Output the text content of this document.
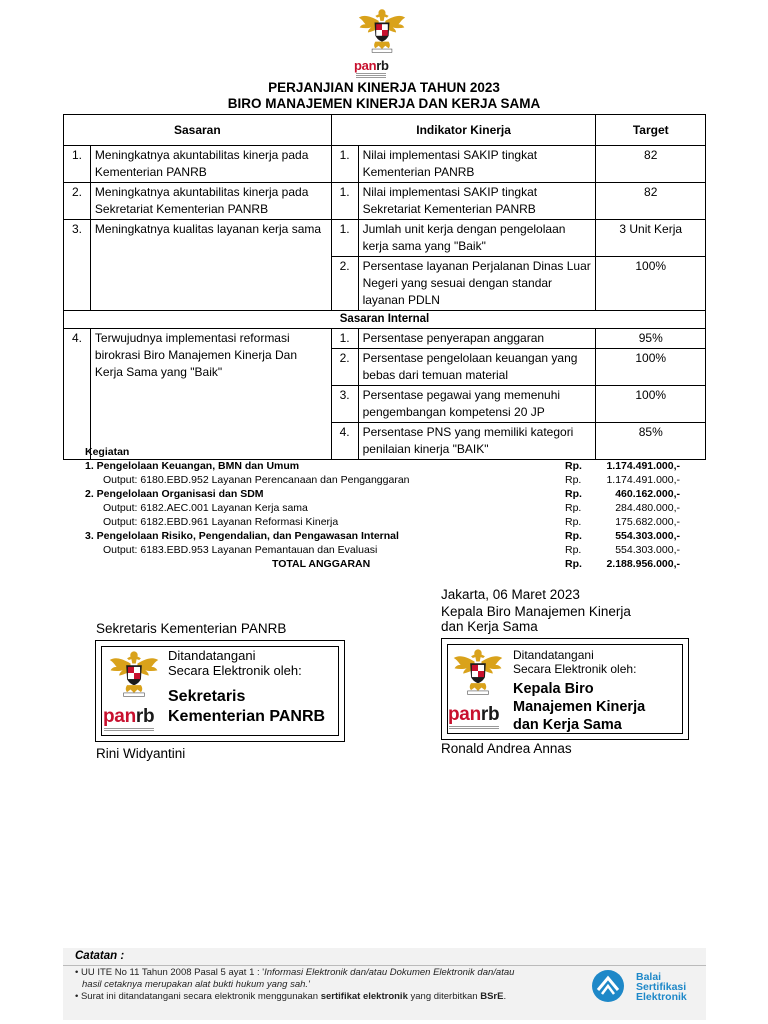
panrb
PERJANJIAN KINERJA TAHUN 2023
BIRO MANAJEMEN KINERJA DAN KERJA SAMA
Sasaran		Indikator Kinerja		Target
1.	Meningkatnya akuntabilitas kinerja pada Kementerian PANRB	1.	Nilai implementasi SAKIP tingkat Kementerian PANRB	82
2.	Meningkatnya akuntabilitas kinerja pada Sekretariat Kementerian PANRB	1.	Nilai implementasi SAKIP tingkat Sekretariat Kementerian PANRB	82
3.	Meningkatnya kualitas layanan kerja sama	1.	Jumlah unit kerja dengan pengelolaan kerja sama yang "Baik"	3 Unit Kerja
		2.	Persentase layanan Perjalanan Dinas Luar Negeri yang sesuai dengan standar layanan PDLN	100%
Sasaran Internal				
4.	Terwujudnya implementasi reformasi birokrasi Biro Manajemen Kinerja Dan Kerja Sama yang "Baik"	1.	Persentase penyerapan anggaran	95%
		2.	Persentase pengelolaan keuangan yang bebas dari temuan material	100%
		3.	Persentase pegawai yang memenuhi pengembangan kompetensi 20 JP	100%
		4.	Persentase PNS yang memiliki kategori penilaian kinerja "BAIK"	85%
Kegiatan
1. Pengelolaan Keuangan, BMN dan Umum	Rp. 1.174.491.000,-
Output: 6180.EBD.952 Layanan Perencanaan dan Penganggaran	Rp. 1.174.491.000,-
2. Pengelolaan Organisasi dan SDM	Rp.	460.162.000,-
Output: 6182.AEC.001 Layanan Kerja sama	Rp.	284.480.000,-
Output: 6182.EBD.961 Layanan Reformasi Kinerja	Rp.	175.682.000,-
3. Pengelolaan Risiko, Pengendalian, dan Pengawasan Internal	Rp.	554.303.000,-
Output: 6183.EBD.953 Layanan Pemantauan dan Evaluasi	Rp.	554.303.000,-
TOTAL ANGGARAN	Rp. 2.188.956.000,-
Jakarta, 06 Maret 2023
Kepala Biro Manajemen Kinerja
dan Kerja Sama
Sekretaris Kementerian PANRB
panrb
Ditandatangani
Secara Elektronik oleh:
Sekretaris
Kementerian PANRB
Rini Widyantini
panrb
Ditandatangani
Secara Elektronik oleh:
Kepala Biro
Manajemen Kinerja
dan Kerja Sama
Ronald Andrea Annas
Catatan :
• UU ITE No 11 Tahun 2008 Pasal 5 ayat 1 : 'Informasi Elektronik dan/atau Dokumen Elektronik dan/atau
hasil cetaknya merupakan alat bukti hukum yang sah.'
• Surat ini ditandatangani secara elektronik menggunakan sertifikat elektronik yang diterbitkan BSrE.
Balai
Sertifikasi
Elektronik
